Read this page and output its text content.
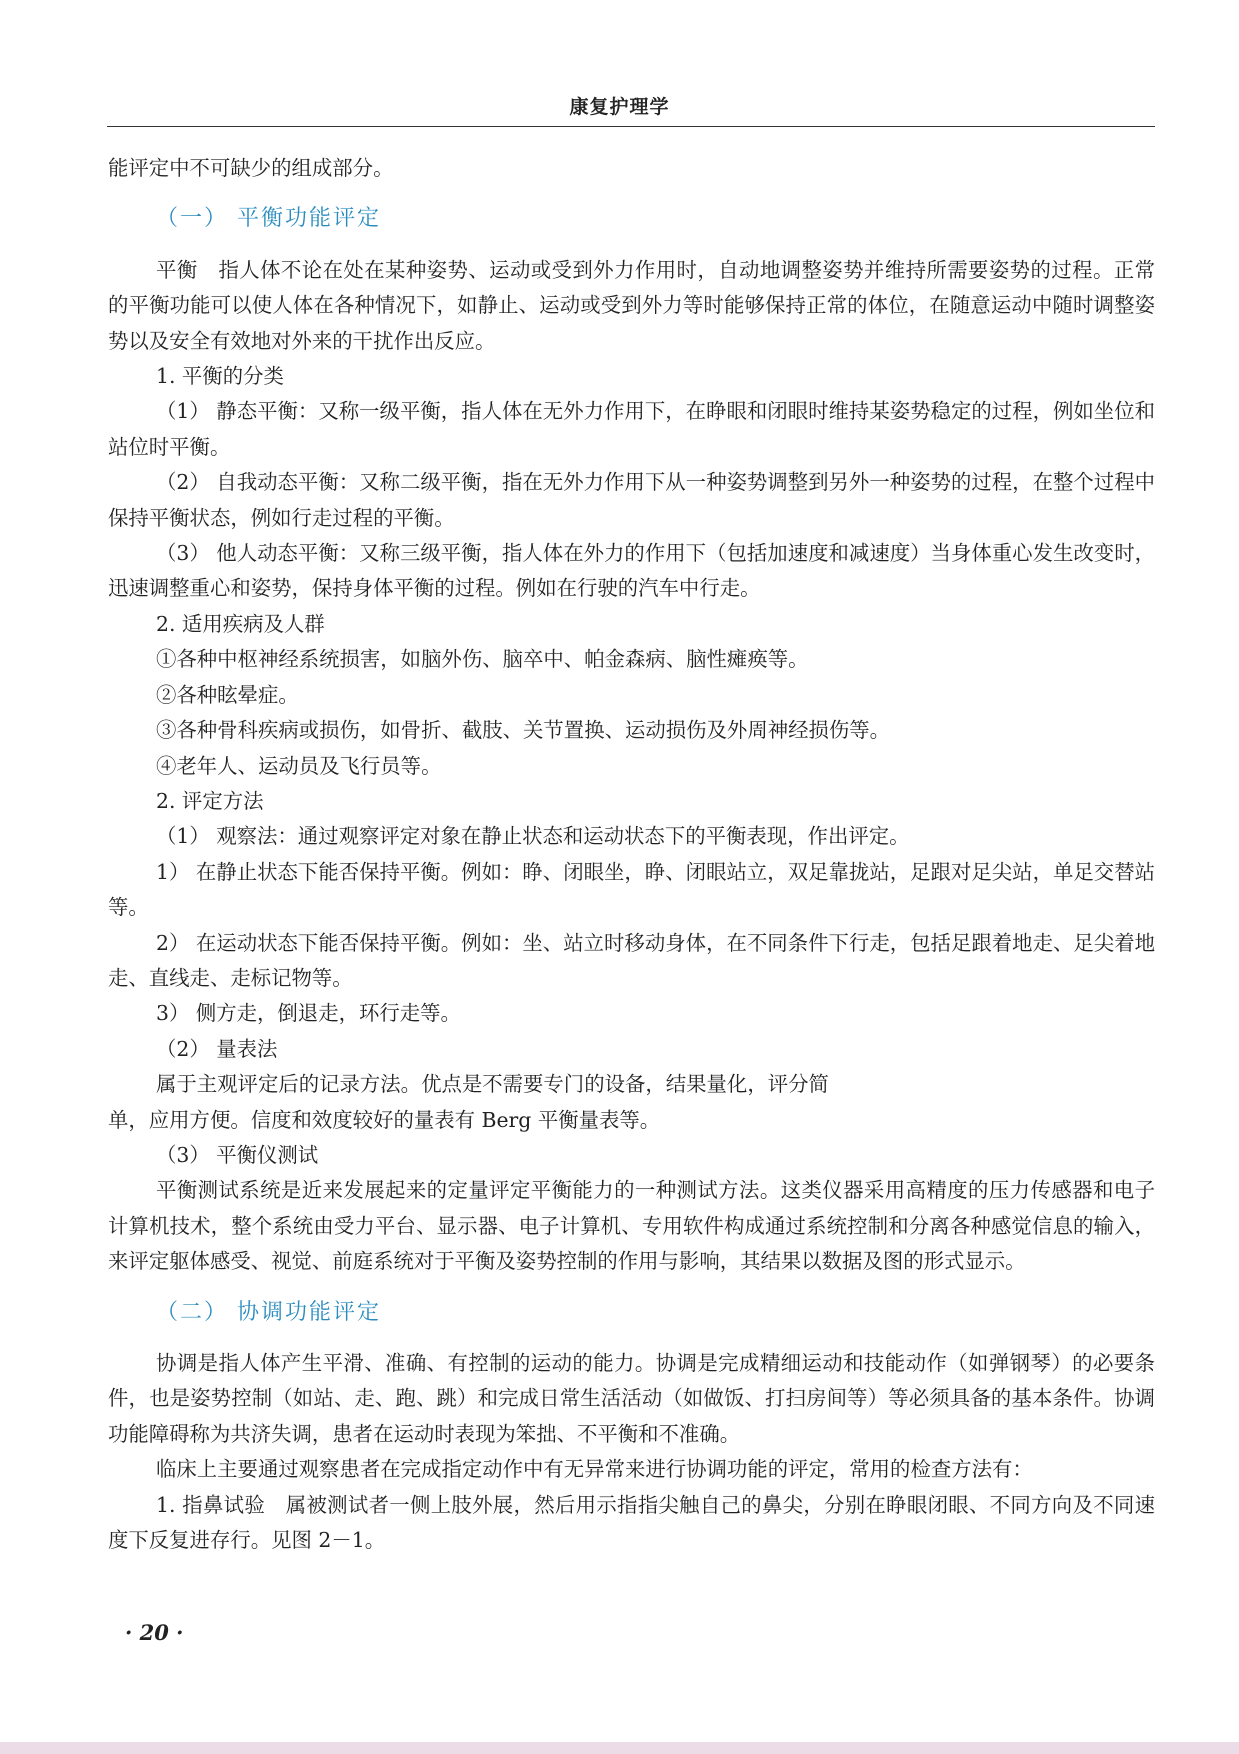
康复护理学

能评定中不可缺少的组成部分。

（一） 平衡功能评定

平衡　指人体不论在处在某种姿势、运动或受到外力作用时，自动地调整姿势并维持所需要姿势的过程。正常的平衡功能可以使人体在各种情况下，如静止、运动或受到外力等时能够保持正常的体位，在随意运动中随时调整姿势以及安全有效地对外来的干扰作出反应。

1. 平衡的分类

（1） 静态平衡：又称一级平衡，指人体在无外力作用下，在睁眼和闭眼时维持某姿势稳定的过程，例如坐位和站位时平衡。

（2） 自我动态平衡：又称二级平衡，指在无外力作用下从一种姿势调整到另外一种姿势的过程，在整个过程中保持平衡状态，例如行走过程的平衡。

（3） 他人动态平衡：又称三级平衡，指人体在外力的作用下（包括加速度和减速度）当身体重心发生改变时，迅速调整重心和姿势，保持身体平衡的过程。例如在行驶的汽车中行走。

2. 适用疾病及人群

①各种中枢神经系统损害，如脑外伤、脑卒中、帕金森病、脑性瘫痪等。

②各种眩晕症。

③各种骨科疾病或损伤，如骨折、截肢、关节置换、运动损伤及外周神经损伤等。

④老年人、运动员及飞行员等。

2. 评定方法

（1） 观察法：通过观察评定对象在静止状态和运动状态下的平衡表现，作出评定。

1） 在静止状态下能否保持平衡。例如：睁、闭眼坐，睁、闭眼站立，双足靠拢站，足跟对足尖站，单足交替站等。

2） 在运动状态下能否保持平衡。例如：坐、站立时移动身体，在不同条件下行走，包括足跟着地走、足尖着地走、直线走、走标记物等。

3） 侧方走，倒退走，环行走等。

（2） 量表法

属于主观评定后的记录方法。优点是不需要专门的设备，结果量化，评分简

单，应用方便。信度和效度较好的量表有 Berg 平衡量表等。

（3） 平衡仪测试

平衡测试系统是近来发展起来的定量评定平衡能力的一种测试方法。这类仪器采用高精度的压力传感器和电子计算机技术，整个系统由受力平台、显示器、电子计算机、专用软件构成通过系统控制和分离各种感觉信息的输入，来评定躯体感受、视觉、前庭系统对于平衡及姿势控制的作用与影响，其结果以数据及图的形式显示。

（二） 协调功能评定

协调是指人体产生平滑、准确、有控制的运动的能力。协调是完成精细运动和技能动作（如弹钢琴）的必要条件，也是姿势控制（如站、走、跑、跳）和完成日常生活活动（如做饭、打扫房间等）等必须具备的基本条件。协调功能障碍称为共济失调，患者在运动时表现为笨拙、不平衡和不准确。

临床上主要通过观察患者在完成指定动作中有无异常来进行协调功能的评定，常用的检查方法有：

1. 指鼻试验　属被测试者一侧上肢外展，然后用示指指尖触自己的鼻尖，分别在睁眼闭眼、不同方向及不同速度下反复进存行。见图 2－1。

· 20 ·
